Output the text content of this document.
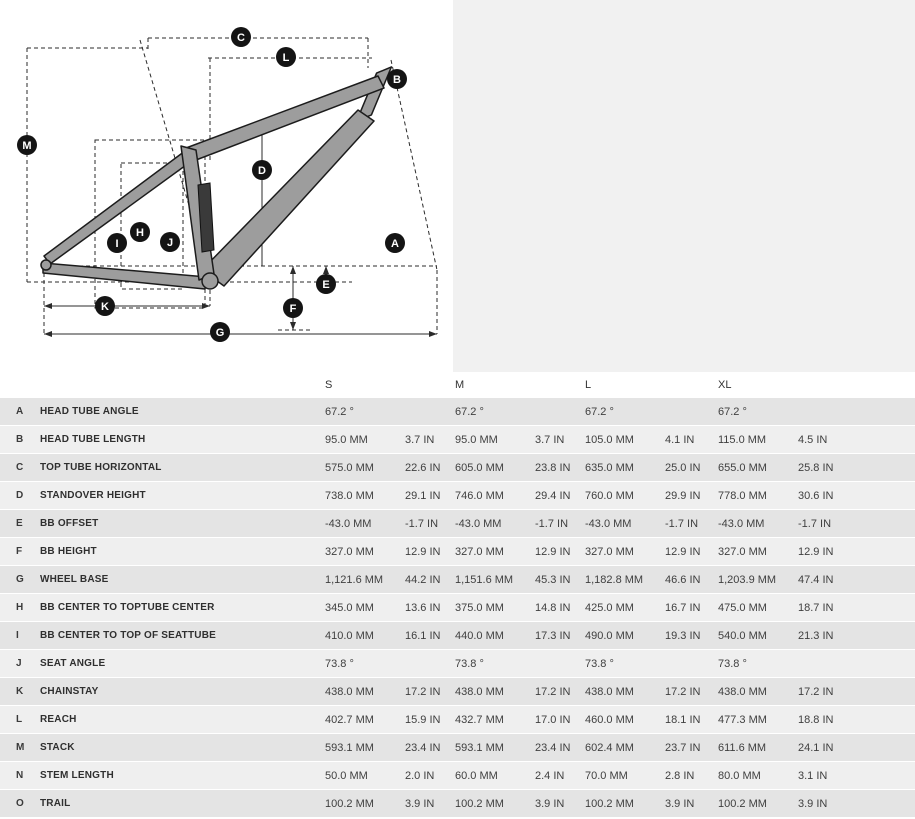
A
B
C
D
E
F
G
H
I	J
K
L
M
S	M	L	XL
A	HEAD TUBE ANGLE	67.2 °	67.2 °	67.2 °	67.2 °
B	HEAD TUBE LENGTH	95.0 MM	3.7 IN	95.0 MM	3.7 IN	105.0 MM	4.1 IN	115.0 MM	4.5 IN
C	TOP TUBE HORIZONTAL	575.0 MM	22.6 IN	605.0 MM	23.8 IN	635.0 MM	25.0 IN	655.0 MM	25.8 IN
D	STANDOVER HEIGHT	738.0 MM	29.1 IN	746.0 MM	29.4 IN	760.0 MM	29.9 IN	778.0 MM	30.6 IN
E	BB OFFSET	-43.0 MM	-1.7 IN	-43.0 MM	-1.7 IN	-43.0 MM	-1.7 IN	-43.0 MM	-1.7 IN
F	BB HEIGHT	327.0 MM	12.9 IN	327.0 MM	12.9 IN	327.0 MM	12.9 IN	327.0 MM	12.9 IN
G	WHEEL BASE	1,121.6 MM	44.2 IN	1,151.6 MM	45.3 IN	1,182.8 MM	46.6 IN	1,203.9 MM	47.4 IN
H	BB CENTER TO TOPTUBE CENTER	345.0 MM	13.6 IN	375.0 MM	14.8 IN	425.0 MM	16.7 IN	475.0 MM	18.7 IN
I	BB CENTER TO TOP OF SEATTUBE	410.0 MM	16.1 IN	440.0 MM	17.3 IN	490.0 MM	19.3 IN	540.0 MM	21.3 IN
J	SEAT ANGLE	73.8 °	73.8 °	73.8 °	73.8 °
K	CHAINSTAY	438.0 MM	17.2 IN	438.0 MM	17.2 IN	438.0 MM	17.2 IN	438.0 MM	17.2 IN
L	REACH	402.7 MM	15.9 IN	432.7 MM	17.0 IN	460.0 MM	18.1 IN	477.3 MM	18.8 IN
M	STACK	593.1 MM	23.4 IN	593.1 MM	23.4 IN	602.4 MM	23.7 IN	611.6 MM	24.1 IN
N	STEM LENGTH	50.0 MM	2.0 IN	60.0 MM	2.4 IN	70.0 MM	2.8 IN	80.0 MM	3.1 IN
O	TRAIL	100.2 MM	3.9 IN	100.2 MM	3.9 IN	100.2 MM	3.9 IN	100.2 MM	3.9 IN
